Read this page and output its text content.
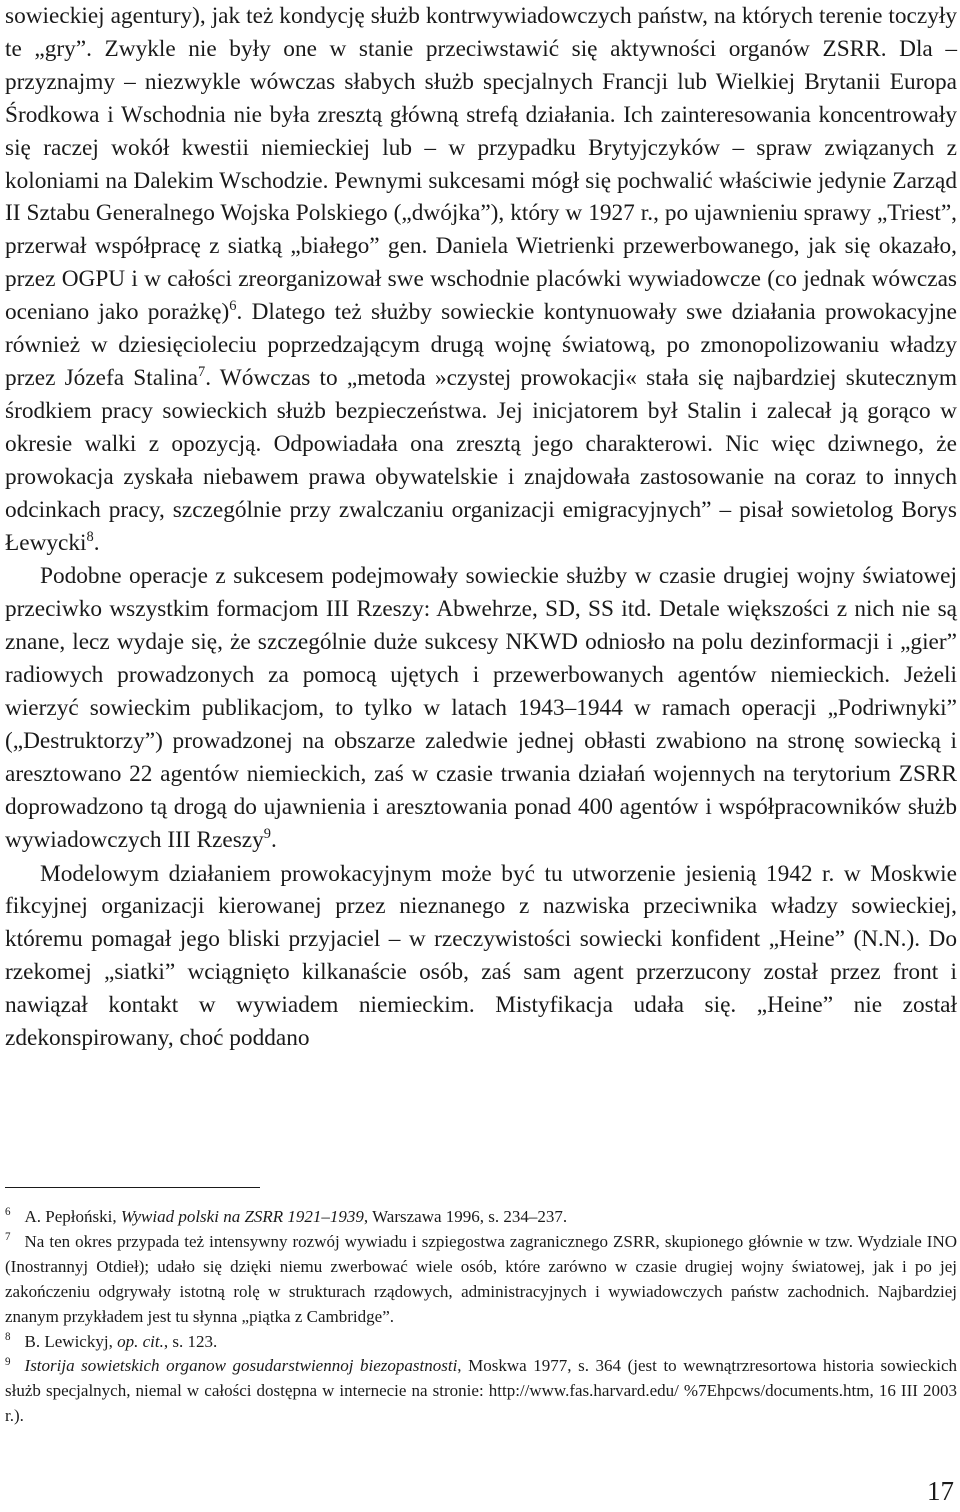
sowieckiej agentury), jak też kondycję służb kontrwywiadowczych państw, na których terenie toczyły te „gry”. Zwykle nie były one w stanie przeciwstawić się aktywności organów ZSRR. Dla – przyznajmy – niezwykle wówczas słabych służb specjalnych Francji lub Wielkiej Brytanii Europa Środkowa i Wschodnia nie była zresztą główną strefą działania. Ich zainteresowania koncentrowały się raczej wokół kwestii niemieckiej lub – w przypadku Brytyjczyków – spraw związanych z koloniami na Dalekim Wschodzie. Pewnymi sukcesami mógł się pochwalić właściwie jedynie Zarząd II Sztabu Generalnego Wojska Polskiego („dwójka”), który w 1927 r., po ujawnieniu sprawy „Triest”, przerwał współpracę z siatką „białego” gen. Daniela Wietrienki przewerbowanego, jak się okazało, przez OGPU i w całości zreorganizował swe wschodnie placówki wywiadowcze (co jednak wówczas oceniano jako porażkę)$^6$. Dlatego też służby sowieckie kontynuowały swe działania prowokacyjne również w dziesięcioleciu poprzedzającym drugą wojnę światową, po zmonopolizowaniu władzy przez Józefa Stalina$^7$. Wówczas to „metoda »czystej prowokacji« stała się najbardziej skutecznym środkiem pracy sowieckich służb bezpieczeństwa. Jej inicjatorem był Stalin i zalecał ją gorąco w okresie walki z opozycją. Odpowiadała ona zresztą jego charakterowi. Nic więc dziwnego, że prowokacja zyskała niebawem prawa obywatelskie i znajdowała zastosowanie na coraz to innych odcinkach pracy, szczególnie przy zwalczaniu organizacji emigracyjnych” – pisał sowietolog Borys Łewycki$^8$.

Podobne operacje z sukcesem podejmowały sowieckie służby w czasie drugiej wojny światowej przeciwko wszystkim formacjom III Rzeszy: Abwehrze, SD, SS itd. Detale większości z nich nie są znane, lecz wydaje się, że szczególnie duże sukcesy NKWD odniosło na polu dezinformacji i „gier” radiowych prowadzonych za pomocą ujętych i przewerbowanych agentów niemieckich. Jeżeli wierzyć sowieckim publikacjom, to tylko w latach 1943–1944 w ramach operacji „Podriwnyki” („Destruktorzy”) prowadzonej na obszarze zaledwie jednej obłasti zwabiono na stronę sowiecką i aresztowano 22 agentów niemieckich, zaś w czasie trwania działań wojennych na terytorium ZSRR doprowadzono tą drogą do ujawnienia i aresztowania ponad 400 agentów i współpracowników służb wywiadowczych III Rzeszy$^9$.

Modelowym działaniem prowokacyjnym może być tu utworzenie jesienią 1942 r. w Moskwie fikcyjnej organizacji kierowanej przez nieznanego z nazwiska przeciwnika władzy sowieckiej, któremu pomagał jego bliski przyjaciel – w rzeczywistości sowiecki konfident „Heine” (N.N.). Do rzekomej „siatki” wciągnięto kilkanaście osób, zaś sam agent przerzucony został przez front i nawiązał kontakt w wywiadem niemieckim. Mistyfikacja udała się. „Heine” nie został zdekonspirowany, choć poddano

$^6$ A. Pepłoński, Wywiad polski na ZSRR 1921–1939, Warszawa 1996, s. 234–237.

$^7$ Na ten okres przypada też intensywny rozwój wywiadu i szpiegostwa zagranicznego ZSRR, skupionego głównie w tzw. Wydziale INO (Inostrannyj Otdieł); udało się dzięki niemu zwerbować wiele osób, które zarówno w czasie drugiej wojny światowej, jak i po jej zakończeniu odgrywały istotną rolę w strukturach rządowych, administracyjnych i wywiadowczych państw zachodnich. Najbardziej znanym przykładem jest tu słynna „piątka z Cambridge”.

$^8$ B. Lewickyj, op. cit., s. 123.

$^9$ Istorija sowietskich organow gosudarstwiennoj biezopastnosti, Moskwa 1977, s. 364 (jest to wewnątrzresortowa historia sowieckich służb specjalnych, niemal w całości dostępna w internecie na stronie: http://www.fas.harvard.edu/ %7Ehpcws/documents.htm, 16 III 2003 r.).

17
